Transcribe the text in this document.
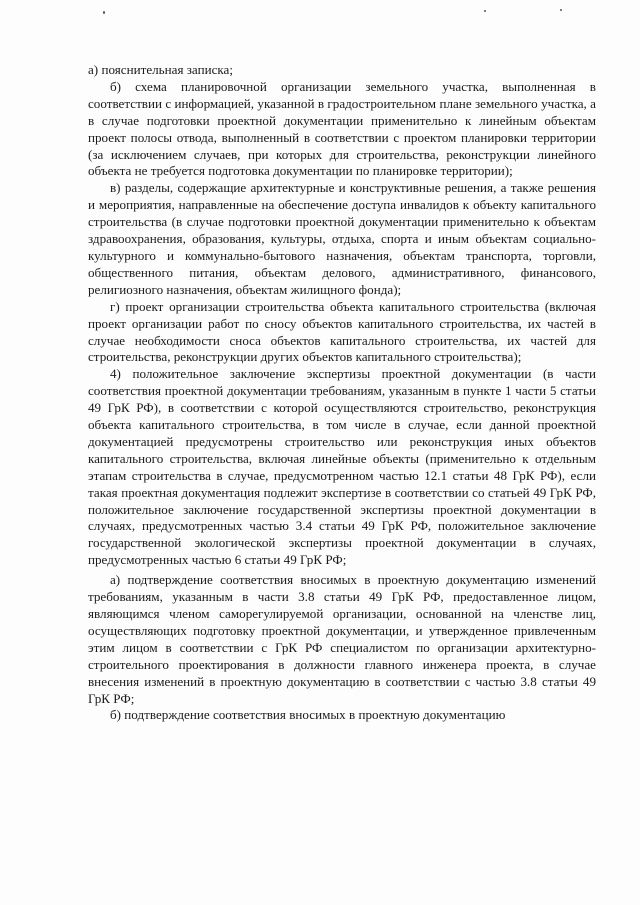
а) пояснительная записка;

б) схема планировочной организации земельного участка, выполненная в соответствии с информацией, указанной в градостроительном плане земельного участка, а в случае подготовки проектной документации применительно к линейным объектам проект полосы отвода, выполненный в соответствии с проектом планировки территории (за исключением случаев, при которых для строительства, реконструкции линейного объекта не требуется подготовка документации по планировке территории);

в) разделы, содержащие архитектурные и конструктивные решения, а также решения и мероприятия, направленные на обеспечение доступа инвалидов к объекту капитального строительства (в случае подготовки проектной документации применительно к объектам здравоохранения, образования, культуры, отдыха, спорта и иным объектам социально-культурного и коммунально-бытового назначения, объектам транспорта, торговли, общественного питания, объектам делового, административного, финансового, религиозного назначения, объектам жилищного фонда);

г) проект организации строительства объекта капитального строительства (включая проект организации работ по сносу объектов капитального строительства, их частей в случае необходимости сноса объектов капитального строительства, их частей для строительства, реконструкции других объектов капитального строительства);

4) положительное заключение экспертизы проектной документации (в части соответствия проектной документации требованиям, указанным в пункте 1 части 5 статьи 49 ГрК РФ), в соответствии с которой осуществляются строительство, реконструкция объекта капитального строительства, в том числе в случае, если данной проектной документацией предусмотрены строительство или реконструкция иных объектов капитального строительства, включая линейные объекты (применительно к отдельным этапам строительства в случае, предусмотренном частью 12.1 статьи 48 ГрК РФ), если такая проектная документация подлежит экспертизе в соответствии со статьей 49 ГрК РФ, положительное заключение государственной экспертизы проектной документации в случаях, предусмотренных частью 3.4 статьи 49 ГрК РФ, положительное заключение государственной экологической экспертизы проектной документации в случаях, предусмотренных частью 6 статьи 49 ГрК РФ;

а) подтверждение соответствия вносимых в проектную документацию изменений требованиям, указанным в части 3.8 статьи 49 ГрК РФ, предоставленное лицом, являющимся членом саморегулируемой организации, основанной на членстве лиц, осуществляющих подготовку проектной документации, и утвержденное привлеченным этим лицом в соответствии с ГрК РФ специалистом по организации архитектурно-строительного проектирования в должности главного инженера проекта, в случае внесения изменений в проектную документацию в соответствии с частью 3.8 статьи 49 ГрК РФ;

б) подтверждение соответствия вносимых в проектную документацию
